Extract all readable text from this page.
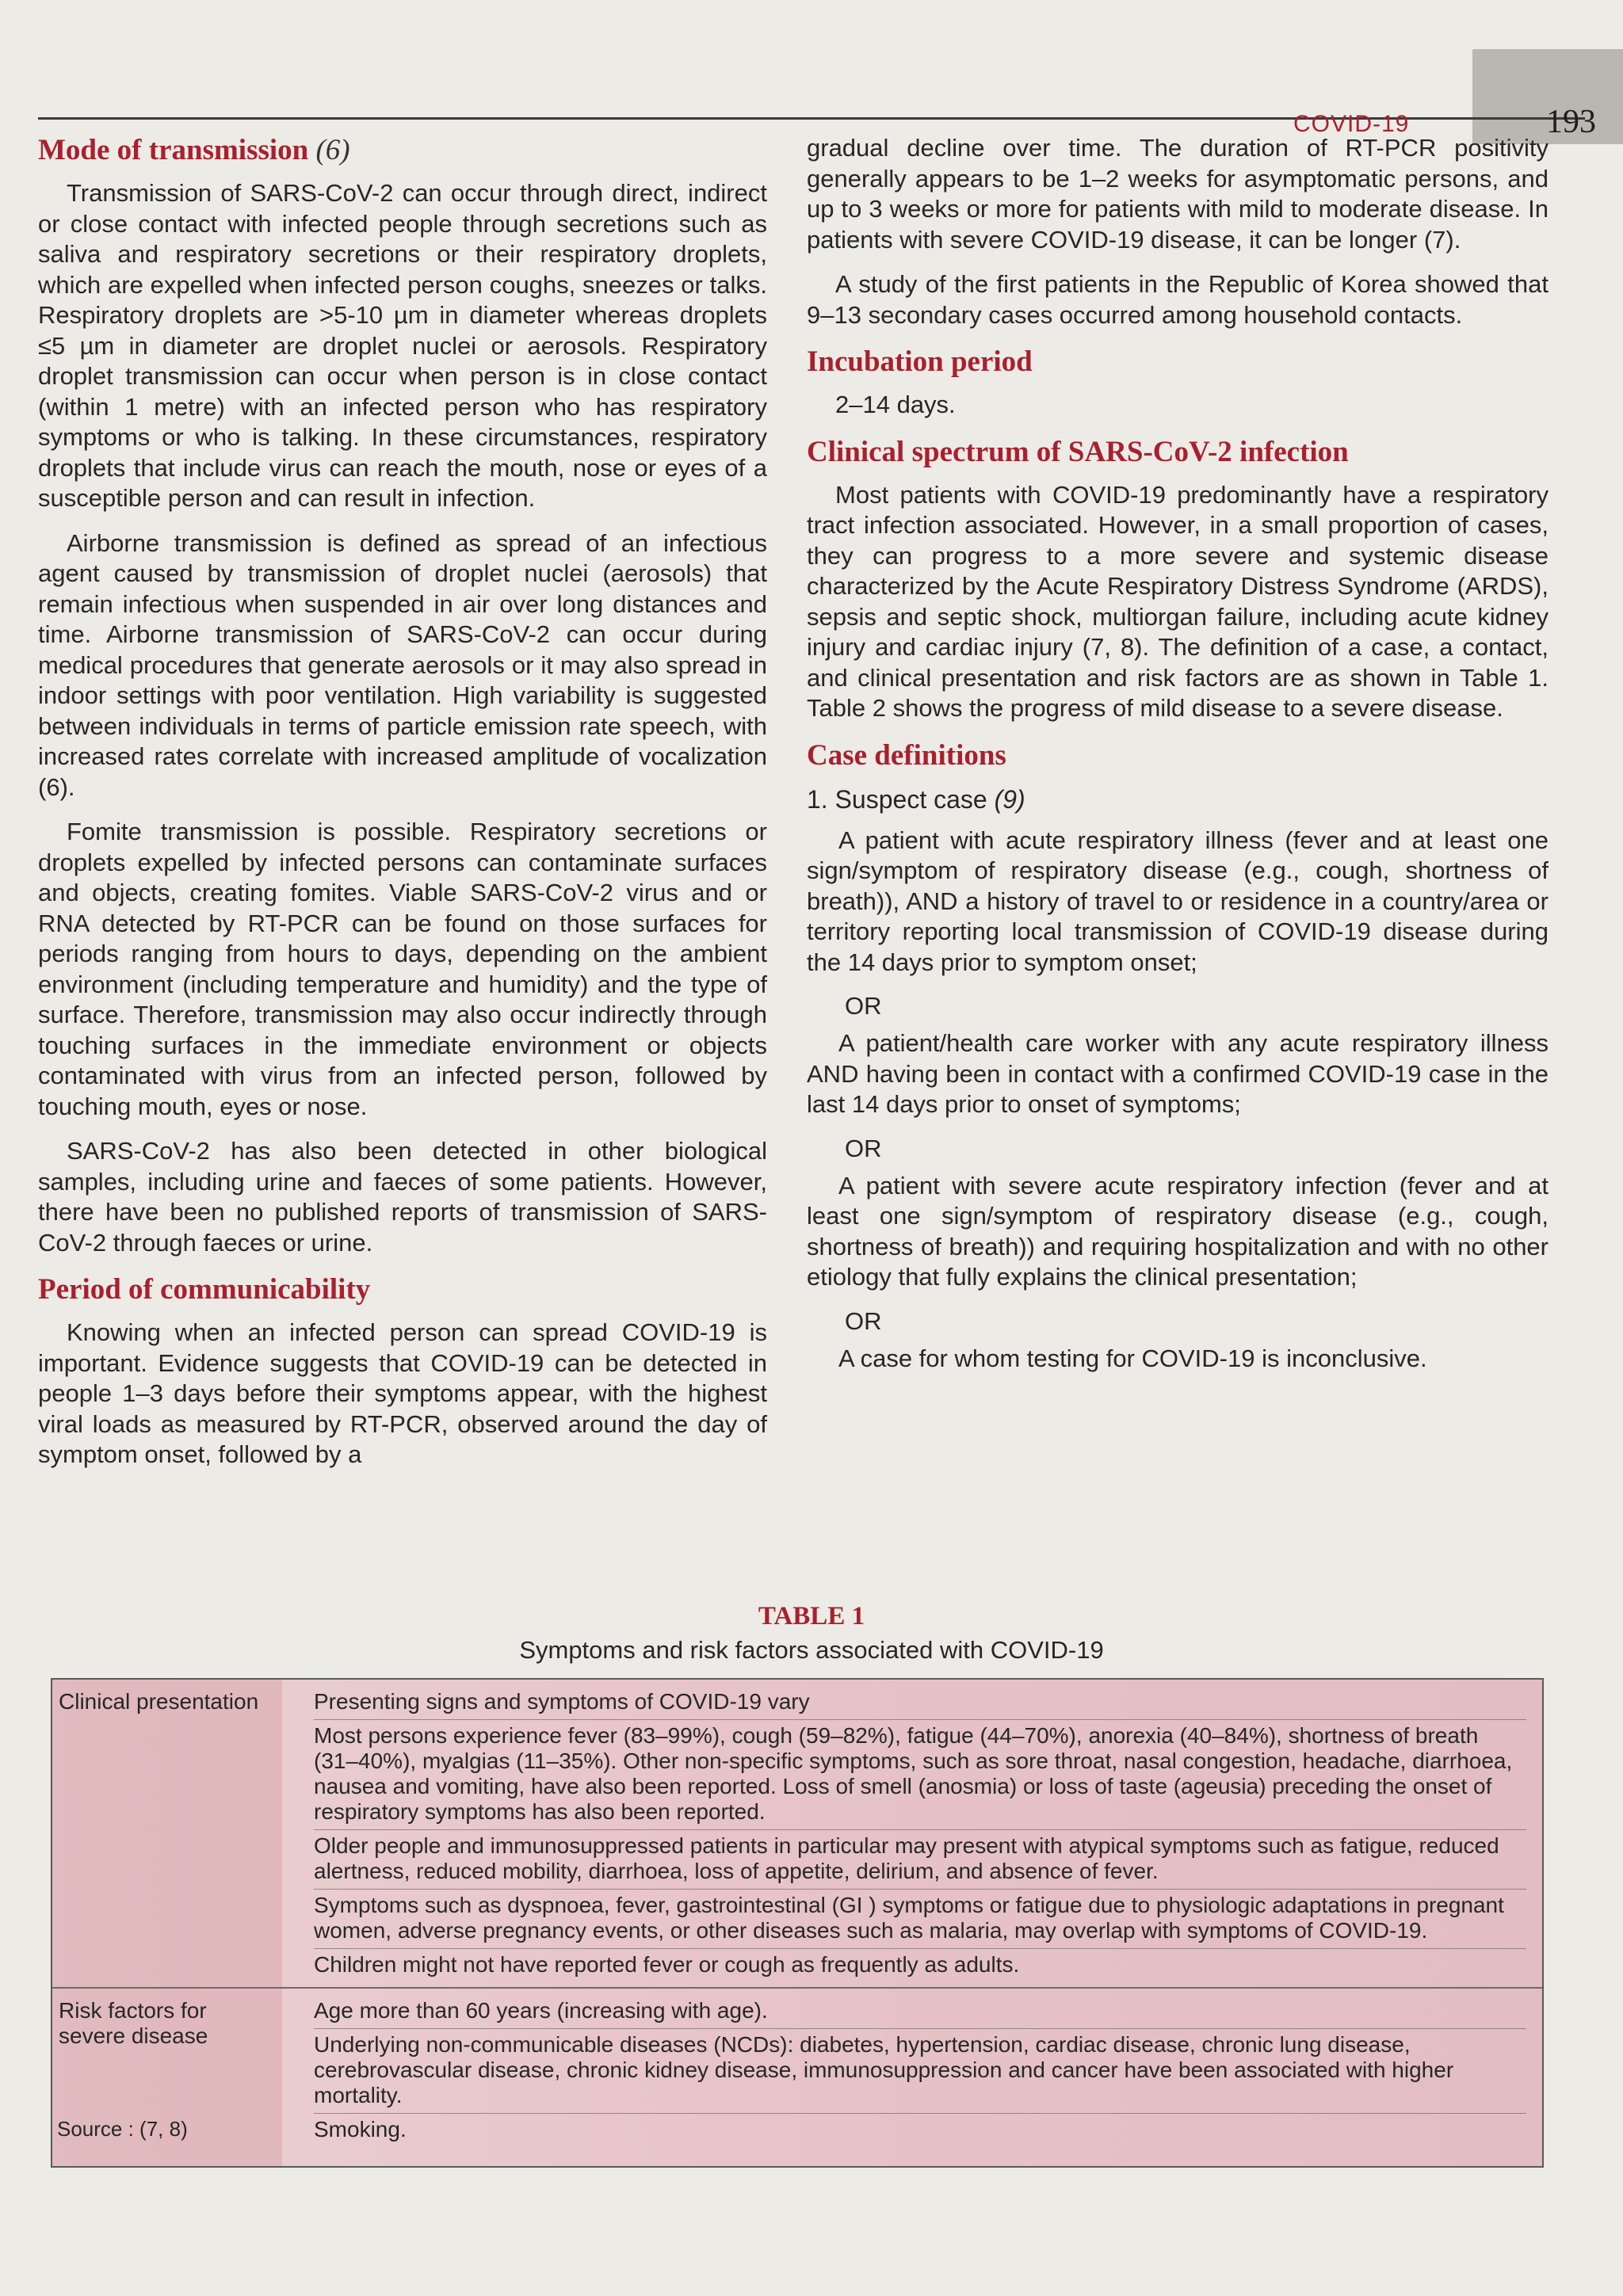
COVID-19	193
Mode of transmission (6)

Transmission of SARS-CoV-2 can occur through direct, indirect or close contact with infected people through secretions such as saliva and respiratory secretions or their respiratory droplets, which are expelled when infected person coughs, sneezes or talks. Respiratory droplets are >5-10 µm in diameter whereas droplets ≤5 µm in diameter are droplet nuclei or aerosols. Respiratory droplet transmission can occur when person is in close contact (within 1 metre) with an infected person who has respiratory symptoms or who is talking. In these circumstances, respiratory droplets that include virus can reach the mouth, nose or eyes of a susceptible person and can result in infection.

Airborne transmission is defined as spread of an infectious agent caused by transmission of droplet nuclei (aerosols) that remain infectious when suspended in air over long distances and time. Airborne transmission of SARS-CoV-2 can occur during medical procedures that generate aerosols or it may also spread in indoor settings with poor ventilation. High variability is suggested between individuals in terms of particle emission rate speech, with increased rates correlate with increased amplitude of vocalization (6).

Fomite transmission is possible. Respiratory secretions or droplets expelled by infected persons can contaminate surfaces and objects, creating fomites. Viable SARS-CoV-2 virus and or RNA detected by RT-PCR can be found on those surfaces for periods ranging from hours to days, depending on the ambient environment (including temperature and humidity) and the type of surface. Therefore, transmission may also occur indirectly through touching surfaces in the immediate environment or objects contaminated with virus from an infected person, followed by touching mouth, eyes or nose.

SARS-CoV-2 has also been detected in other biological samples, including urine and faeces of some patients. However, there have been no published reports of transmission of SARS-CoV-2 through faeces or urine.

Period of communicability

Knowing when an infected person can spread COVID-19 is important. Evidence suggests that COVID-19 can be detected in people 1–3 days before their symptoms appear, with the highest viral loads as measured by RT-PCR, observed around the day of symptom onset, followed by a

gradual decline over time. The duration of RT-PCR positivity generally appears to be 1–2 weeks for asymptomatic persons, and up to 3 weeks or more for patients with mild to moderate disease. In patients with severe COVID-19 disease, it can be longer (7).

A study of the first patients in the Republic of Korea showed that 9–13 secondary cases occurred among household contacts.

Incubation period

2–14 days.

Clinical spectrum of SARS-CoV-2 infection

Most patients with COVID-19 predominantly have a respiratory tract infection associated. However, in a small proportion of cases, they can progress to a more severe and systemic disease characterized by the Acute Respiratory Distress Syndrome (ARDS), sepsis and septic shock, multiorgan failure, including acute kidney injury and cardiac injury (7, 8). The definition of a case, a contact, and clinical presentation and risk factors are as shown in Table 1. Table 2 shows the progress of mild disease to a severe disease.

Case definitions
1. Suspect case (9)

A patient with acute respiratory illness (fever and at least one sign/symptom of respiratory disease (e.g., cough, shortness of breath)), AND a history of travel to or residence in a country/area or territory reporting local transmission of COVID-19 disease during the 14 days prior to symptom onset;

OR

A patient/health care worker with any acute respiratory illness AND having been in contact with a confirmed COVID-19 case in the last 14 days prior to onset of symptoms;

OR

A patient with severe acute respiratory infection (fever and at least one sign/symptom of respiratory disease (e.g., cough, shortness of breath)) and requiring hospitalization and with no other etiology that fully explains the clinical presentation;

OR

A case for whom testing for COVID-19 is inconclusive.

TABLE 1
Symptoms and risk factors associated with COVID-19
Clinical presentation	Presenting signs and symptoms of COVID-19 vary

Most persons experience fever (83–99%), cough (59–82%), fatigue (44–70%), anorexia (40–84%), shortness of breath (31–40%), myalgias (11–35%). Other non-specific symptoms, such as sore throat, nasal congestion, headache, diarrhoea, nausea and vomiting, have also been reported. Loss of smell (anosmia) or loss of taste (ageusia) preceding the onset of respiratory symptoms has also been reported.

Older people and immunosuppressed patients in particular may present with atypical symptoms such as fatigue, reduced alertness, reduced mobility, diarrhoea, loss of appetite, delirium, and absence of fever.

Symptoms such as dyspnoea, fever, gastrointestinal (GI ) symptoms or fatigue due to physiologic adaptations in pregnant women, adverse pregnancy events, or other diseases such as malaria, may overlap with symptoms of COVID-19.

Children might not have reported fever or cough as frequently as adults.

Risk factors for severe disease

Age more than 60 years (increasing with age).

Underlying non-communicable diseases (NCDs): diabetes, hypertension, cardiac disease, chronic lung disease, cerebrovascular disease, chronic kidney disease, immunosuppression and cancer have been associated with higher mortality.

Smoking.

Source : (7, 8)
